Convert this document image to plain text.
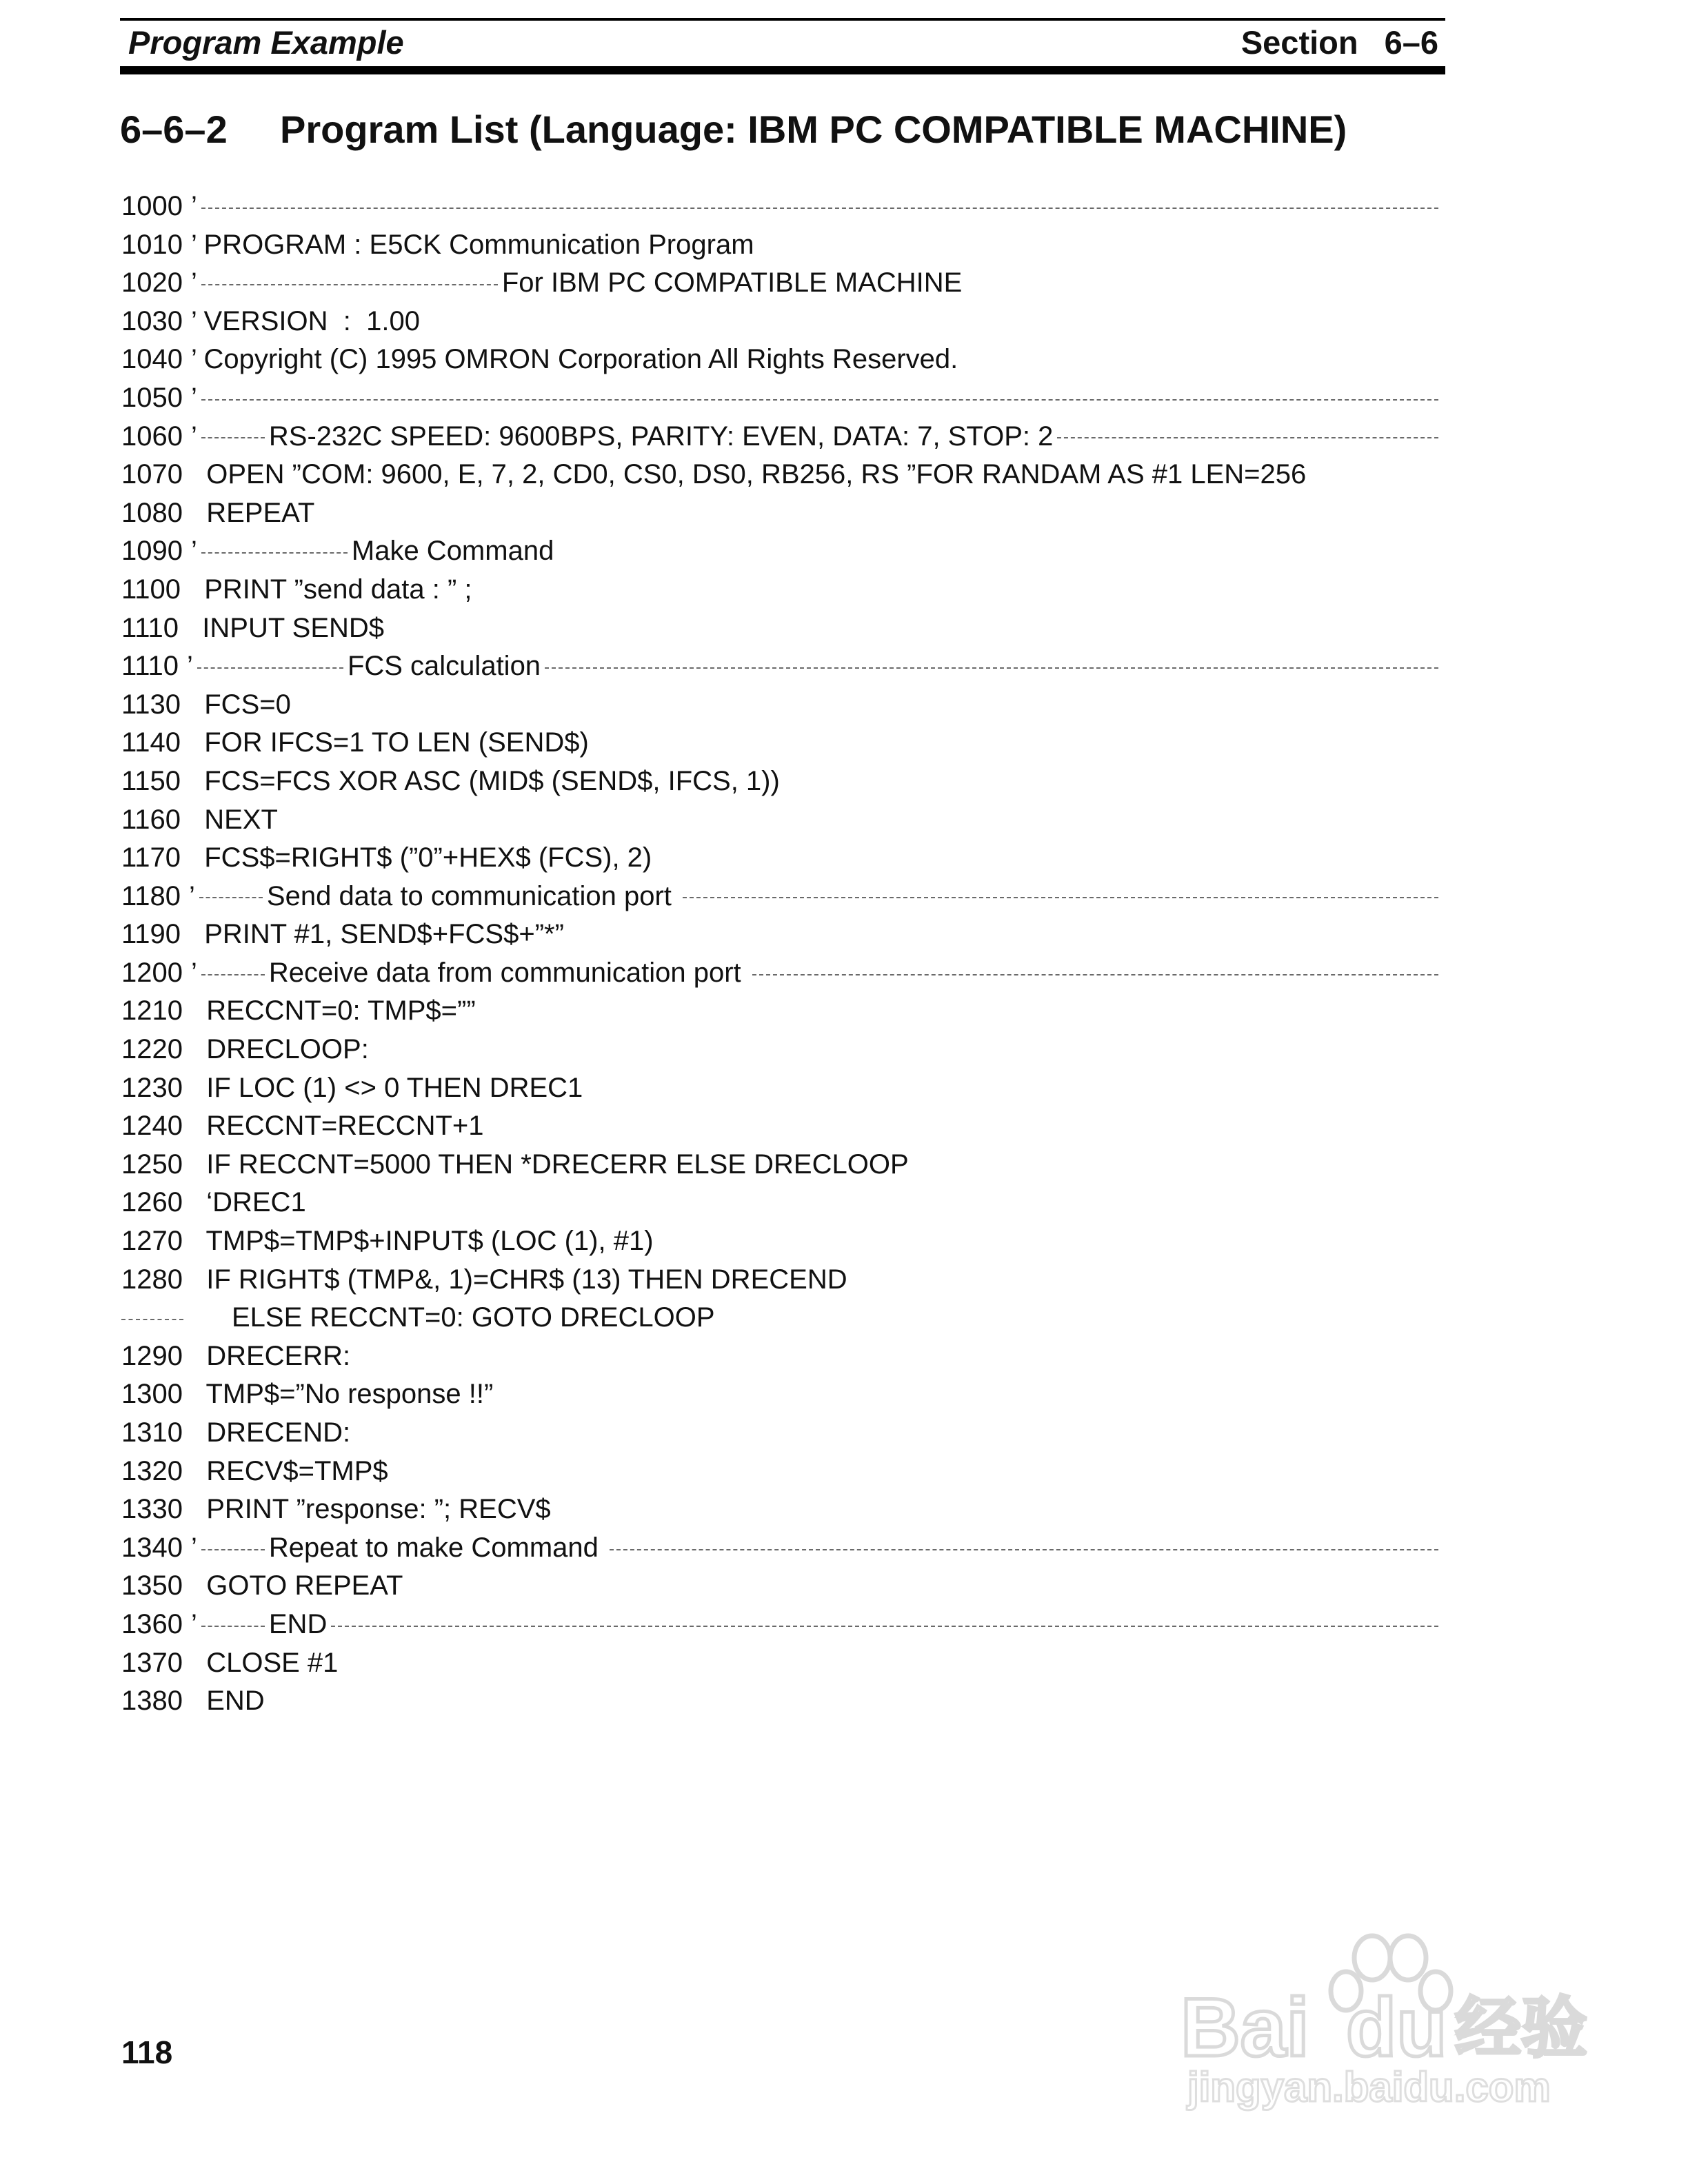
Program Example	Section 6–6
6–6–2 Program List (Language: IBM PC COMPATIBLE MACHINE)
1000 ’
1010 ’ PROGRAM : E5CK Communication Program
1020 ’	For IBM PC COMPATIBLE MACHINE
1030 ’ VERSION  :  1.00
1040 ’ Copyright (C) 1995 OMRON Corporation All Rights Reserved.
1050 ’
1060 ’	RS-232C SPEED: 9600BPS, PARITY: EVEN, DATA: 7, STOP: 2
1070 OPEN ”COM: 9600, E, 7, 2, CD0, CS0, DS0, RB256, RS ”FOR RANDAM AS #1 LEN=256
1080 REPEAT
1090 ’	Make Command
1100 PRINT ”send data : ” ;
1110 INPUT SEND$
1110 ’	FCS calculation
1130 FCS=0
1140 FOR IFCS=1 TO LEN (SEND$)
1150 FCS=FCS XOR ASC (MID$ (SEND$, IFCS, 1))
1160 NEXT
1170 FCS$=RIGHT$ (”0”+HEX$ (FCS), 2)
1180 ’	Send data to communication port
1190 PRINT #1, SEND$+FCS$+”*”
1200 ’	Receive data from communication port
1210 RECCNT=0: TMP$=””
1220 DRECLOOP:
1230 IF LOC (1) <> 0 THEN DREC1
1240 RECCNT=RECCNT+1
1250 IF RECCNT=5000 THEN *DRECERR ELSE DRECLOOP
1260 ‘DREC1
1270 TMP$=TMP$+INPUT$ (LOC (1), #1)
1280 IF RIGHT$ (TMP&, 1)=CHR$ (13) THEN DRECEND
ELSE RECCNT=0: GOTO DRECLOOP
1290 DRECERR:
1300 TMP$=”No response !!”
1310 DRECEND:
1320 RECV$=TMP$
1330 PRINT ”response: ”; RECV$
1340 ’	Repeat to make Command
1350 GOTO REPEAT
1360 ’	END
1370 CLOSE #1
1380 END
118	Bai du 经验
jingyan.baidu.com
